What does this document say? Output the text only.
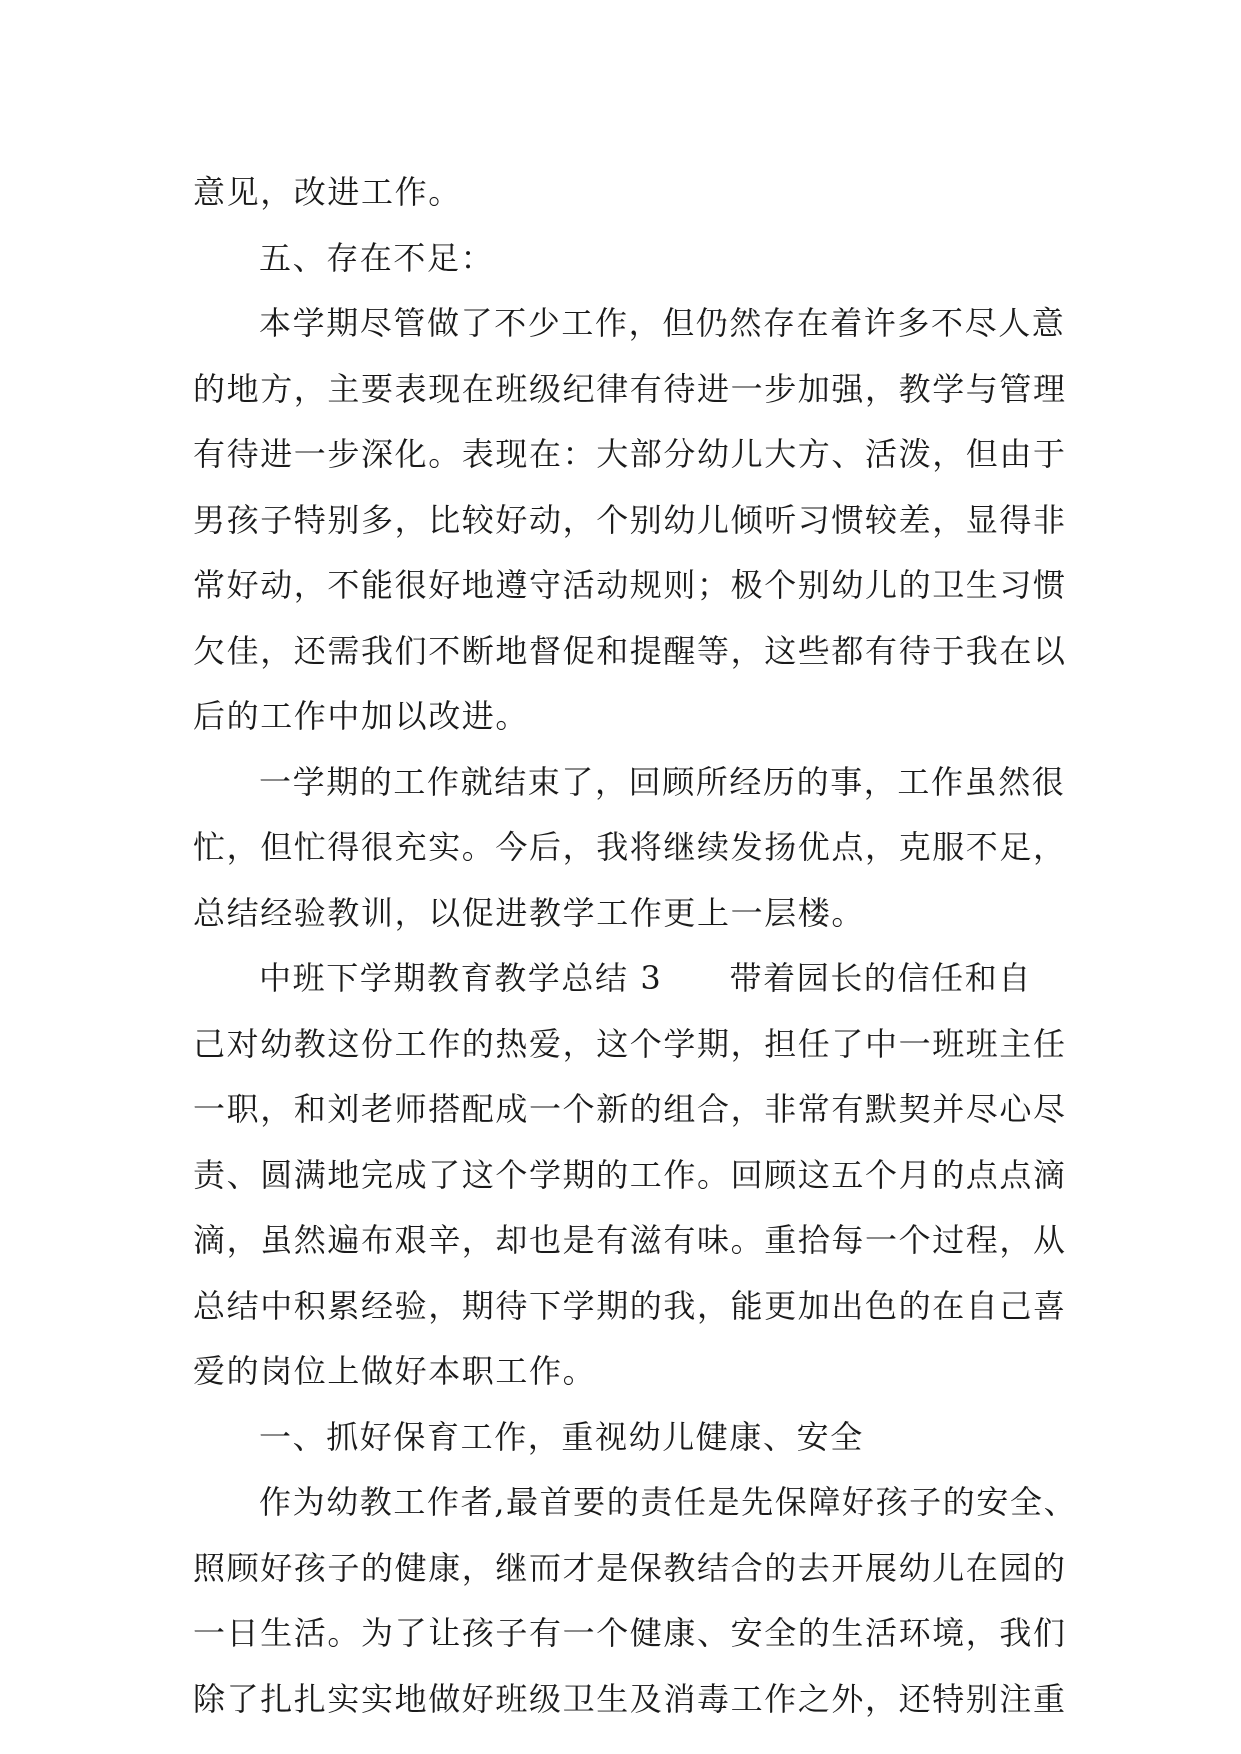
意见，改进工作。
五、存在不足：
本学期尽管做了不少工作，但仍然存在着许多不尽人意
的地方，主要表现在班级纪律有待进一步加强，教学与管理
有待进一步深化。表现在：大部分幼儿大方、活泼，但由于
男孩子特别多，比较好动，个别幼儿倾听习惯较差，显得非
常好动，不能很好地遵守活动规则；极个别幼儿的卫生习惯
欠佳，还需我们不断地督促和提醒等，这些都有待于我在以
后的工作中加以改进。
一学期的工作就结束了，回顾所经历的事，工作虽然很
忙，但忙得很充实。今后，我将继续发扬优点，克服不足，
总结经验教训，以促进教学工作更上一层楼。
中班下学期教育教学总结 3　　带着园长的信任和自
己对幼教这份工作的热爱，这个学期，担任了中一班班主任
一职，和刘老师搭配成一个新的组合，非常有默契并尽心尽
责、圆满地完成了这个学期的工作。回顾这五个月的点点滴
滴，虽然遍布艰辛，却也是有滋有味。重拾每一个过程，从
总结中积累经验，期待下学期的我，能更加出色的在自己喜
爱的岗位上做好本职工作。
一、抓好保育工作，重视幼儿健康、安全
作为幼教工作者,最首要的责任是先保障好孩子的安全、
照顾好孩子的健康，继而才是保教结合的去开展幼儿在园的
一日生活。为了让孩子有一个健康、安全的生活环境，我们
除了扎扎实实地做好班级卫生及消毒工作之外，还特别注重
